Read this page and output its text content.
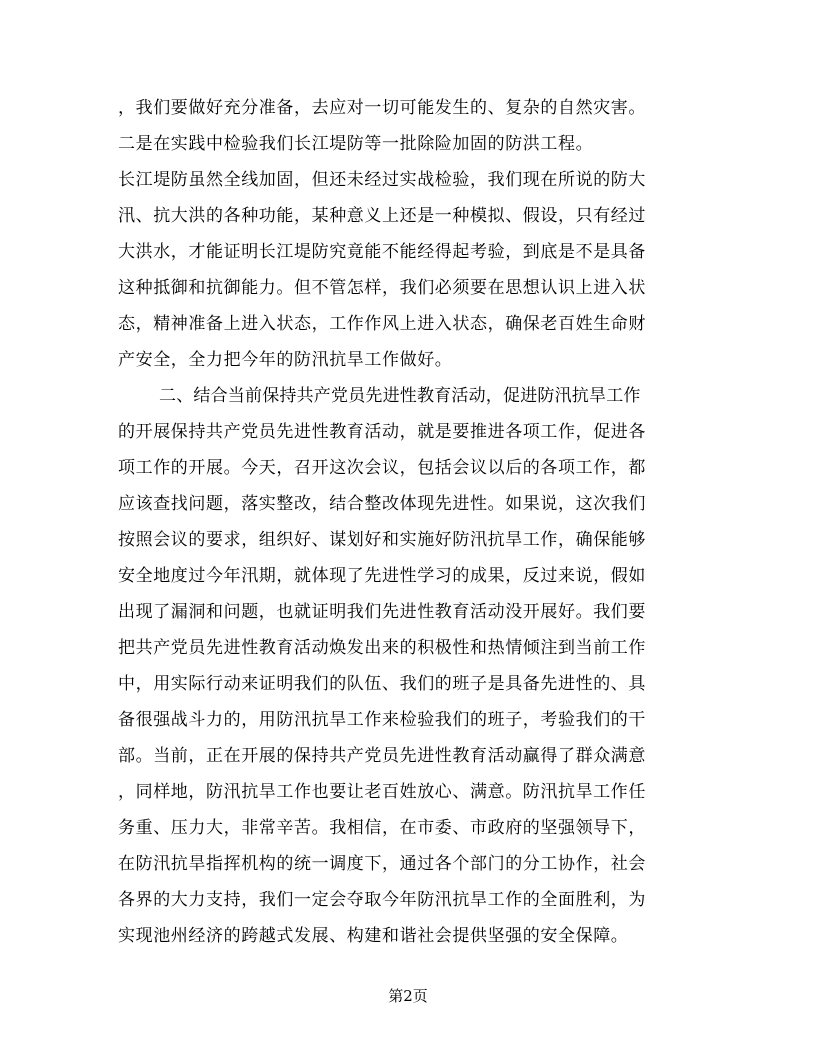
，我们要做好充分准备，去应对一切可能发生的、复杂的自然灾害。
二是在实践中检验我们长江堤防等一批除险加固的防洪工程。
长江堤防虽然全线加固，但还未经过实战检验，我们现在所说的防大
汛、抗大洪的各种功能，某种意义上还是一种模拟、假设，只有经过
大洪水，才能证明长江堤防究竟能不能经得起考验，到底是不是具备
这种抵御和抗御能力。但不管怎样，我们必须要在思想认识上进入状
态，精神准备上进入状态，工作作风上进入状态，确保老百姓生命财
产安全，全力把今年的防汛抗旱工作做好。
二、结合当前保持共产党员先进性教育活动，促进防汛抗旱工作
的开展保持共产党员先进性教育活动，就是要推进各项工作，促进各
项工作的开展。今天，召开这次会议，包括会议以后的各项工作，都
应该查找问题，落实整改，结合整改体现先进性。如果说，这次我们
按照会议的要求，组织好、谋划好和实施好防汛抗旱工作，确保能够
安全地度过今年汛期，就体现了先进性学习的成果，反过来说，假如
出现了漏洞和问题，也就证明我们先进性教育活动没开展好。我们要
把共产党员先进性教育活动焕发出来的积极性和热情倾注到当前工作
中，用实际行动来证明我们的队伍、我们的班子是具备先进性的、具
备很强战斗力的，用防汛抗旱工作来检验我们的班子，考验我们的干
部。当前，正在开展的保持共产党员先进性教育活动赢得了群众满意
，同样地，防汛抗旱工作也要让老百姓放心、满意。防汛抗旱工作任
务重、压力大，非常辛苦。我相信，在市委、市政府的坚强领导下，
在防汛抗旱指挥机构的统一调度下，通过各个部门的分工协作，社会
各界的大力支持，我们一定会夺取今年防汛抗旱工作的全面胜利，为
实现池州经济的跨越式发展、构建和谐社会提供坚强的安全保障。
第2页
